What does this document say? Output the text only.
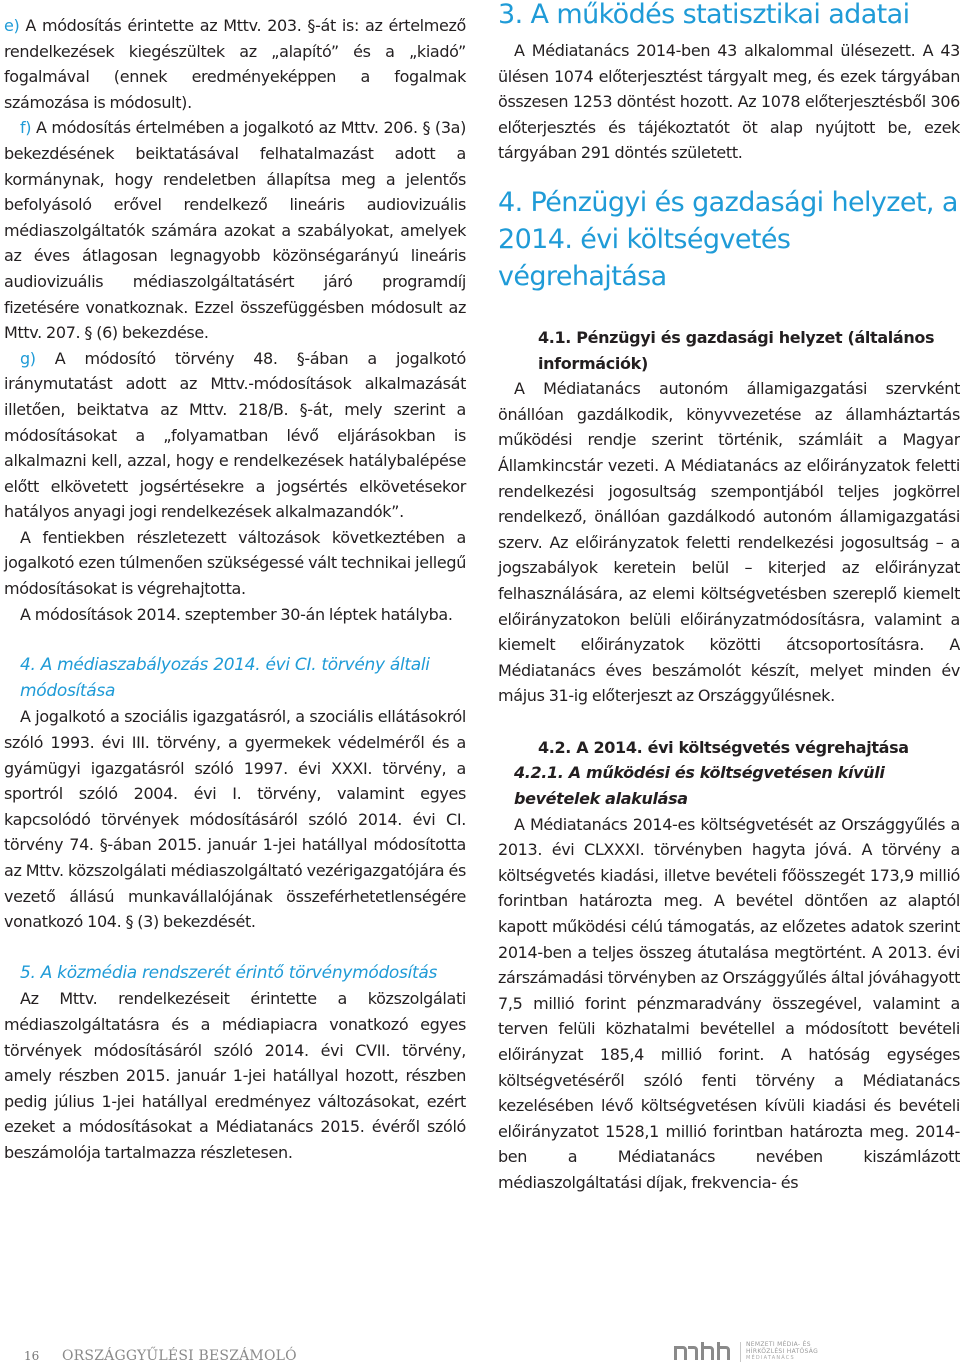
e) A módosítás érintette az Mttv. 203. §-át is: az értelmező rendelkezések kiegészültek az „alapító” és a „kiadó” fogalmával (ennek eredményeképpen a fogalmak számozása is módosult).

f) A módosítás értelmében a jogalkotó az Mttv. 206. § (3a) bekezdésének beiktatásával felhatalmazást adott a kormánynak, hogy rendeletben állapítsa meg a jelentős befolyásoló erővel rendelkező lineáris audiovizuális médiaszolgáltatók számára azokat a szabályokat, amelyek az éves átlagosan legnagyobb közönségarányú lineáris audiovizuális médiaszolgáltatásért járó programdíj fizetésére vonatkoznak. Ezzel összefüggésben módosult az Mttv. 207. § (6) bekezdése.

g) A módosító törvény 48. §-ában a jogalkotó iránymutatást adott az Mttv.-módosítások alkalmazását illetően, beiktatva az Mttv. 218/B. §-át, mely szerint a módosításokat a „folyamatban lévő eljárásokban is alkalmazni kell, azzal, hogy e rendelkezések hatálybalépése előtt elkövetett jogsértésekre a jogsértés elkövetésekor hatályos anyagi jogi rendelkezések alkalmazandók”.

A fentiekben részletezett változások következtében a jogalkotó ezen túlmenően szükségessé vált technikai jellegű módosításokat is végrehajtotta.

A módosítások 2014. szeptember 30-án léptek hatályba.

4. A médiaszabályozás 2014. évi CI. törvény általi módosítása

A jogalkotó a szociális igazgatásról, a szociális ellátásokról szóló 1993. évi III. törvény, a gyermekek védelméről és a gyámügyi igazgatásról szóló 1997. évi XXXI. törvény, a sportról szóló 2004. évi I. törvény, valamint egyes kapcsolódó törvények módosításáról szóló 2014. évi CI. törvény 74. §-ában 2015. január 1-jei hatállyal módosította az Mttv. közszolgálati médiaszolgáltató vezérigazgatójára és vezető állású munkavállalójának összeférhetetlenségére vonatkozó 104. § (3) bekezdését.

5. A közmédia rendszerét érintő törvénymódosítás

Az Mttv. rendelkezéseit érintette a közszolgálati médiaszolgáltatásra és a médiapiacra vonatkozó egyes törvények módosításáról szóló 2014. évi CVII. törvény, amely részben 2015. január 1-jei hatállyal hozott, részben pedig július 1-jei hatállyal eredményez változásokat, ezért ezeket a módosításokat a Médiatanács 2015. évéről szóló beszámolója tartalmazza részletesen.

3. A működés statisztikai adatai

A Médiatanács 2014-ben 43 alkalommal ülésezett. A 43 ülésen 1074 előterjesztést tárgyalt meg, és ezek tárgyában összesen 1253 döntést hozott. Az 1078 előterjesztésből 306 előterjesztés és tájékoztatót öt alap nyújtott be, ezek tárgyában 291 döntés született.

4. Pénzügyi és gazdasági helyzet, a 2014. évi költségvetés végrehajtása

4.1. Pénzügyi és gazdasági helyzet (általános információk)

A Médiatanács autonóm államigazgatási szervként önállóan gazdálkodik, könyvvezetése az államháztartás működési rendje szerint történik, számláit a Magyar Államkincstár vezeti. A Médiatanács az előirányzatok feletti rendelkezési jogosultság szempontjából teljes jogkörrel rendelkező, önállóan gazdálkodó autonóm államigazgatási szerv. Az előirányzatok feletti rendelkezési jogosultság – a jogszabályok keretein belül – kiterjed az előirányzat felhasználására, az elemi költségvetésben szereplő kiemelt előirányzatokon belüli előirányzatmódosításra, valamint a kiemelt előirányzatok közötti átcsoportosításra. A Médiatanács éves beszámolót készít, melyet minden év május 31-ig előterjeszt az Országgyűlésnek.

4.2. A 2014. évi költségvetés végrehajtása

4.2.1. A működési és költségvetésen kívüli bevételek alakulása

A Médiatanács 2014-es költségvetését az Országgyűlés a 2013. évi CLXXXI. törvényben hagyta jóvá. A törvény a költségvetés kiadási, illetve bevételi főösszegét 173,9 millió forintban határozta meg. A bevétel döntően az alaptól kapott működési célú támogatás, az előzetes adatok szerint 2014-ben a teljes összeg átutalása megtörtént. A 2013. évi zárszámadási törvényben az Országgyűlés által jóváhagyott 7,5 millió forint pénzmaradvány összegével, valamint a terven felüli közhatalmi bevétellel a módosított bevételi előirányzat 185,4 millió forint. A hatóság egységes költségvetéséről szóló fenti törvény a Médiatanács kezelésében lévő költségvetésen kívüli kiadási és bevételi előirányzatot 1528,1 millió forintban határozta meg. 2014-ben a Médiatanács nevében kiszámlázott médiaszolgáltatási díjak, frekvencia- és

16 ORSZÁGGYŰLÉSI BESZÁMOLÓ
NEMZETI MÉDIA- ÉS
HÍRKÖZLÉSI HATÓSÁG
MÉDIATANÁCS
